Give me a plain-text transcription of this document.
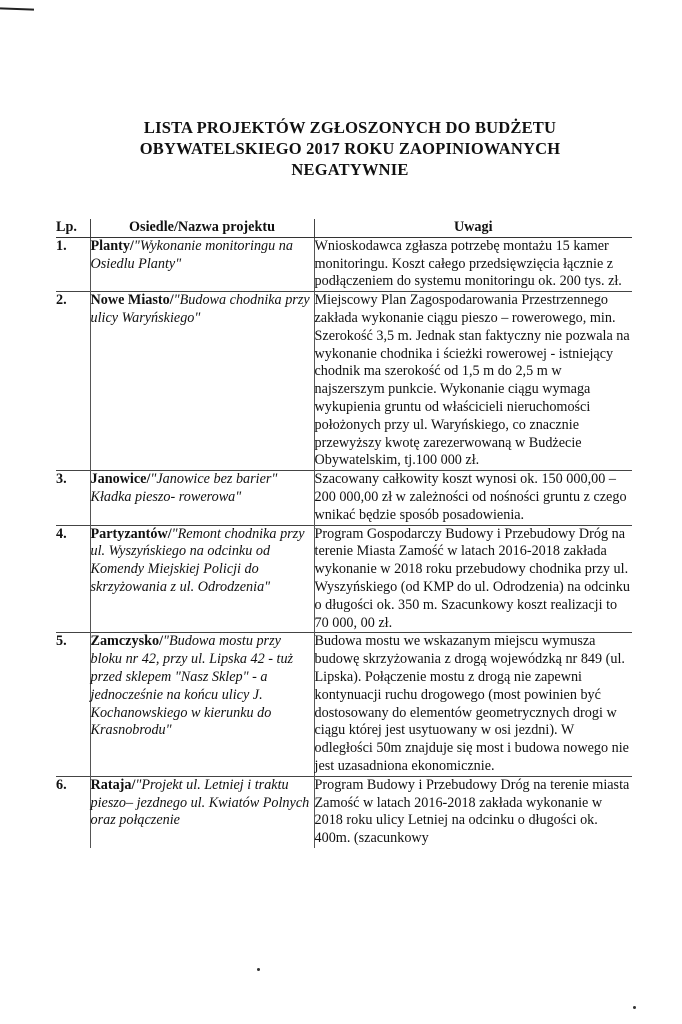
LISTA PROJEKTÓW ZGŁOSZONYCH DO BUDŻETU
OBYWATELSKIEGO 2017 ROKU ZAOPINIOWANYCH
NEGATYWNIE
Lp.	Osiedle/Nazwa projektu	Uwagi
1.	Planty/"Wykonanie monitoringu na Osiedlu Planty"	Wnioskodawca zgłasza potrzebę montażu 15 kamer monitoringu. Koszt całego przedsięwzięcia łącznie z podłączeniem do systemu monitoringu ok. 200 tys. zł.
2.	Nowe Miasto/"Budowa chodnika przy ulicy Waryńskiego"	Miejscowy Plan Zagospodarowania Przestrzennego zakłada wykonanie ciągu pieszo – rowerowego, min. Szerokość 3,5 m. Jednak stan faktyczny nie pozwala na wykonanie chodnika i ścieżki rowerowej - istniejący chodnik ma szerokość od 1,5 m do 2,5 m w najszerszym punkcie. Wykonanie ciągu wymaga wykupienia gruntu od właścicieli nieruchomości położonych przy ul. Waryńskiego, co znacznie przewyższy kwotę zarezerwowaną w Budżecie Obywatelskim, tj.100 000 zł.
3.	Janowice/"Janowice bez barier" Kładka pieszo- rowerowa"	Szacowany całkowity koszt wynosi ok. 150 000,00 – 200 000,00 zł w zależności od nośności gruntu z czego wnikać będzie sposób posadowienia.
4.	Partyzantów/"Remont chodnika przy ul. Wyszyńskiego na odcinku od Komendy Miejskiej Policji do skrzyżowania z ul. Odrodzenia"	Program Gospodarczy Budowy i Przebudowy Dróg na terenie Miasta Zamość w latach 2016-2018 zakłada wykonanie w 2018 roku przebudowy chodnika przy ul. Wyszyńskiego (od KMP do ul. Odrodzenia) na odcinku o długości ok. 350 m. Szacunkowy koszt realizacji to 70 000, 00 zł.
5.	Zamczysko/"Budowa mostu przy bloku nr 42, przy ul. Lipska 42 - tuż przed sklepem "Nasz Sklep" - a jednocześnie na końcu ulicy J. Kochanowskiego w kierunku do Krasnobrodu"	Budowa mostu we wskazanym miejscu wymusza budowę skrzyżowania z drogą wojewódzką nr 849 (ul. Lipska). Połączenie mostu z drogą nie zapewni kontynuacji ruchu drogowego (most powinien być dostosowany do elementów geometrycznych drogi w ciągu której jest usytuowany w osi jezdni). W odległości 50m znajduje się most i budowa nowego nie jest uzasadniona ekonomicznie.
6.	Rataja/"Projekt ul. Letniej i traktu pieszo– jezdnego ul. Kwiatów Polnych oraz połączenie	Program Budowy i Przebudowy Dróg na terenie miasta Zamość w latach 2016-2018 zakłada wykonanie w 2018 roku ulicy Letniej na odcinku o długości ok. 400m. (szacunkowy
